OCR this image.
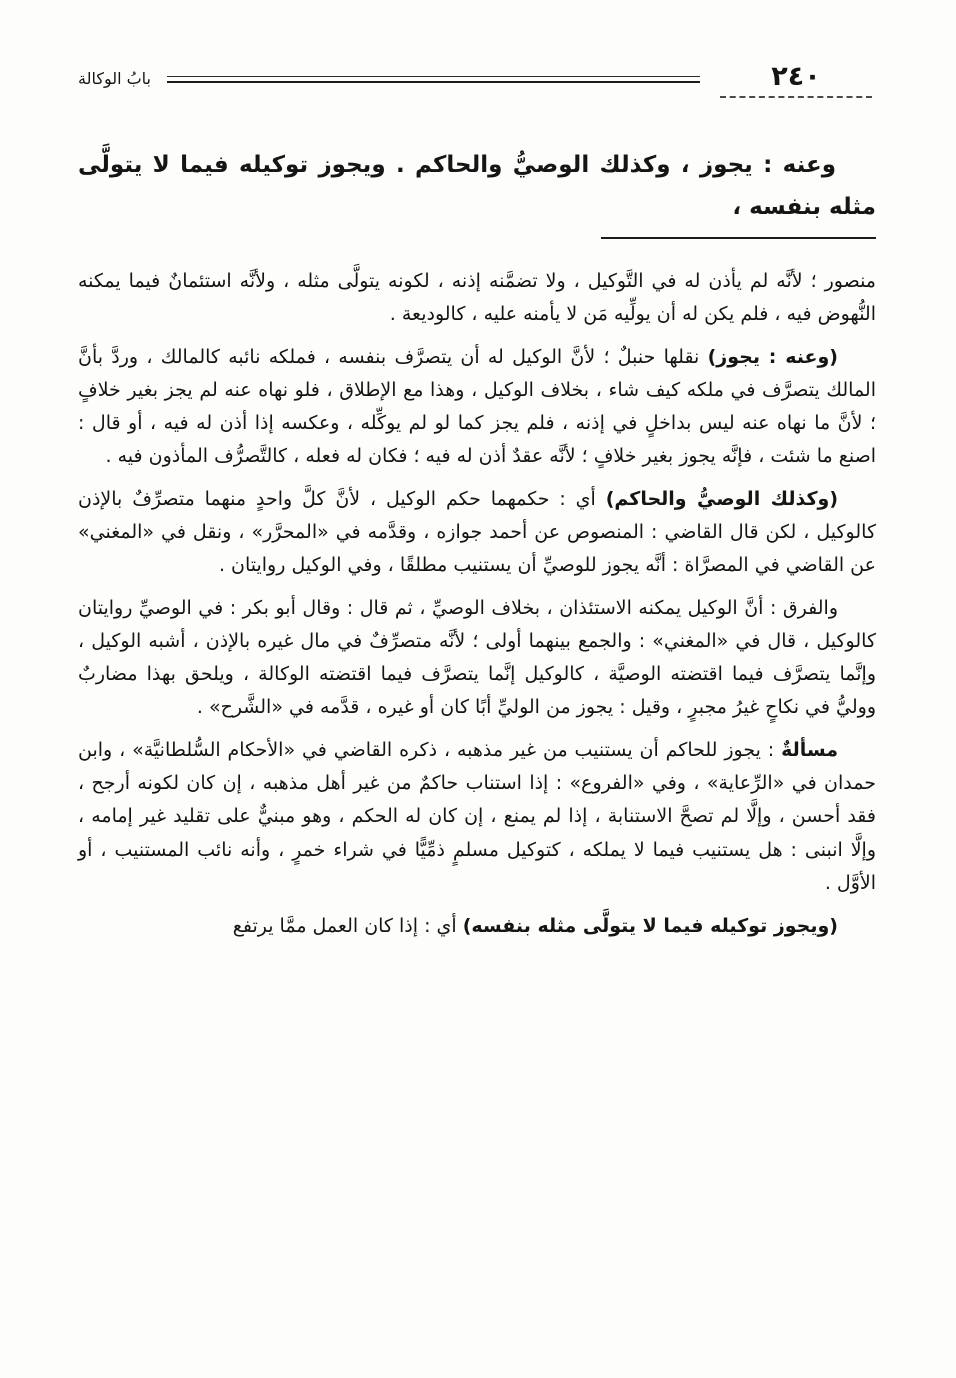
٢٤٠
بابُ الوكالة

وعنه : يجوز ، وكذلك الوصيُّ والحاكم . ويجوز توكيله فيما لا يتولَّى مثله بنفسه ،

منصور ؛ لأنَّه لم يأذن له في التَّوكيل ، ولا تضمَّنه إذنه ، لكونه يتولَّى مثله ، ولأنَّه استئمانٌ فيما يمكنه النُّهوض فيه ، فلم يكن له أن يولِّيه مَن لا يأمنه عليه ، كالوديعة .

(وعنه : يجوز) نقلها حنبلٌ ؛ لأنَّ الوكيل له أن يتصرَّف بنفسه ، فملكه نائبه كالمالك ، وردَّ بأنَّ المالك يتصرَّف في ملكه كيف شاء ، بخلاف الوكيل ، وهذا مع الإطلاق ، فلو نهاه عنه لم يجز بغير خلافٍ ؛ لأنَّ ما نهاه عنه ليس بداخلٍ في إذنه ، فلم يجز كما لو لم يوكِّله ، وعكسه إذا أذن له فيه ، أو قال : اصنع ما شئت ، فإنَّه يجوز بغير خلافٍ ؛ لأنَّه عقدٌ أذن له فيه ؛ فكان له فعله ، كالتَّصرُّف المأذون فيه .

(وكذلك الوصيُّ والحاكم) أي : حكمهما حكم الوكيل ، لأنَّ كلَّ واحدٍ منهما متصرِّفٌ بالإذن كالوكيل ، لكن قال القاضي : المنصوص عن أحمد جوازه ، وقدَّمه في «المحرَّر» ، ونقل في «المغني» عن القاضي في المصرَّاة : أنَّه يجوز للوصيِّ أن يستنيب مطلقًا ، وفي الوكيل روايتان .

والفرق : أنَّ الوكيل يمكنه الاستئذان ، بخلاف الوصيِّ ، ثم قال : وقال أبو بكر : في الوصيِّ روايتان كالوكيل ، قال في «المغني» : والجمع بينهما أولى ؛ لأنَّه متصرِّفٌ في مال غيره بالإذن ، أشبه الوكيل ، وإنَّما يتصرَّف فيما اقتضته الوصيَّة ، كالوكيل إنَّما يتصرَّف فيما اقتضته الوكالة ، ويلحق بهذا مضاربٌ ووليُّ في نكاحٍ غيرُ مجبرٍ ، وقيل : يجوز من الوليِّ أبًا كان أو غيره ، قدَّمه في «الشَّرح» .

مسألةٌ : يجوز للحاكم أن يستنيب من غير مذهبه ، ذكره القاضي في «الأحكام السُّلطانيَّة» ، وابن حمدان في «الرِّعاية» ، وفي «الفروع» : إذا استناب حاكمٌ من غير أهل مذهبه ، إن كان لكونه أرجح ، فقد أحسن ، وإلَّا لم تصحَّ الاستنابة ، إذا لم يمنع ، إن كان له الحكم ، وهو مبنيٌّ على تقليد غير إمامه ، وإلَّا انبنى : هل يستنيب فيما لا يملكه ، كتوكيل مسلمٍ ذمِّيًّا في شراء خمرٍ ، وأنه نائب المستنيب ، أو الأوَّل .

(ويجوز توكيله فيما لا يتولَّى مثله بنفسه) أي : إذا كان العمل ممَّا يرتفع
